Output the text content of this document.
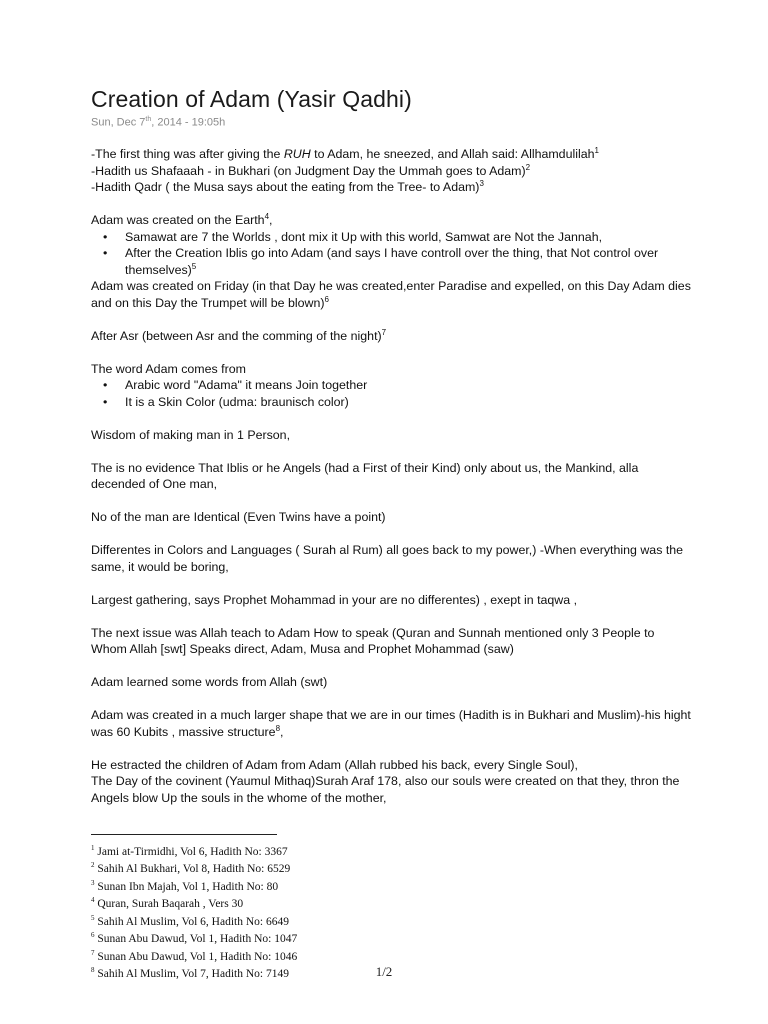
Creation of Adam (Yasir Qadhi)
Sun, Dec 7th, 2014 - 19:05h

-The first thing was after giving the RUH to Adam, he sneezed, and Allah said: Allhamdulilah$^1$

-Hadith us Shafaaah - in Bukhari (on Judgment Day the Ummah goes to Adam)$^2$

-Hadith Qadr ( the Musa says about the eating from the Tree- to Adam)$^3$

Adam was created on the Earth$^4$,

• Samawat are 7 the Worlds , dont mix it Up with this world, Samwat are Not the Jannah,
• After the Creation Iblis go into Adam (and says I have controll over the thing, that Not control over themselves)$^5$

Adam was created on Friday (in that Day he was created,enter Paradise and expelled, on this Day Adam dies and on this Day the Trumpet will be blown)$^6$

After Asr (between Asr and the comming of the night)$^7$

The word Adam comes from

• Arabic word "Adama" it means Join together
• It is a Skin Color (udma: braunisch color)

Wisdom of making man in 1 Person,

The is no evidence That Iblis or he Angels (had a First of their Kind) only about us, the Mankind, alla decended of One man,

No of the man are Identical (Even Twins have a point)

Differentes in Colors and Languages ( Surah al Rum) all goes back to my power,) -When everything was the same, it would be boring,

Largest gathering, says Prophet Mohammad in your are no differentes) , exept in taqwa ,

The next issue was Allah teach to Adam How to speak (Quran and Sunnah mentioned only 3 People to Whom Allah [swt] Speaks direct, Adam, Musa and Prophet Mohammad (saw)

Adam learned some words from Allah (swt)

Adam was created in a much larger shape that we are in our times (Hadith is in Bukhari and Muslim)-his hight was 60 Kubits , massive structure$^8$,

He estracted the children of Adam from Adam (Allah rubbed his back, every Single Soul),

The Day of the covinent (Yaumul Mithaq)Surah Araf 178, also our souls were created on that they, thron the Angels blow Up the souls in the whome of the mother,

$^1$ Jami at-Tirmidhi, Vol 6, Hadith No: 3367
$^2$ Sahih Al Bukhari, Vol 8, Hadith No: 6529
$^3$ Sunan Ibn Majah, Vol 1, Hadith No: 80
$^4$ Quran, Surah Baqarah , Vers 30
$^5$ Sahih Al Muslim, Vol 6, Hadith No: 6649
$^6$ Sunan Abu Dawud, Vol 1, Hadith No: 1047
$^7$ Sunan Abu Dawud, Vol 1, Hadith No: 1046
$^8$ Sahih Al Muslim, Vol 7, Hadith No: 7149	1/2
